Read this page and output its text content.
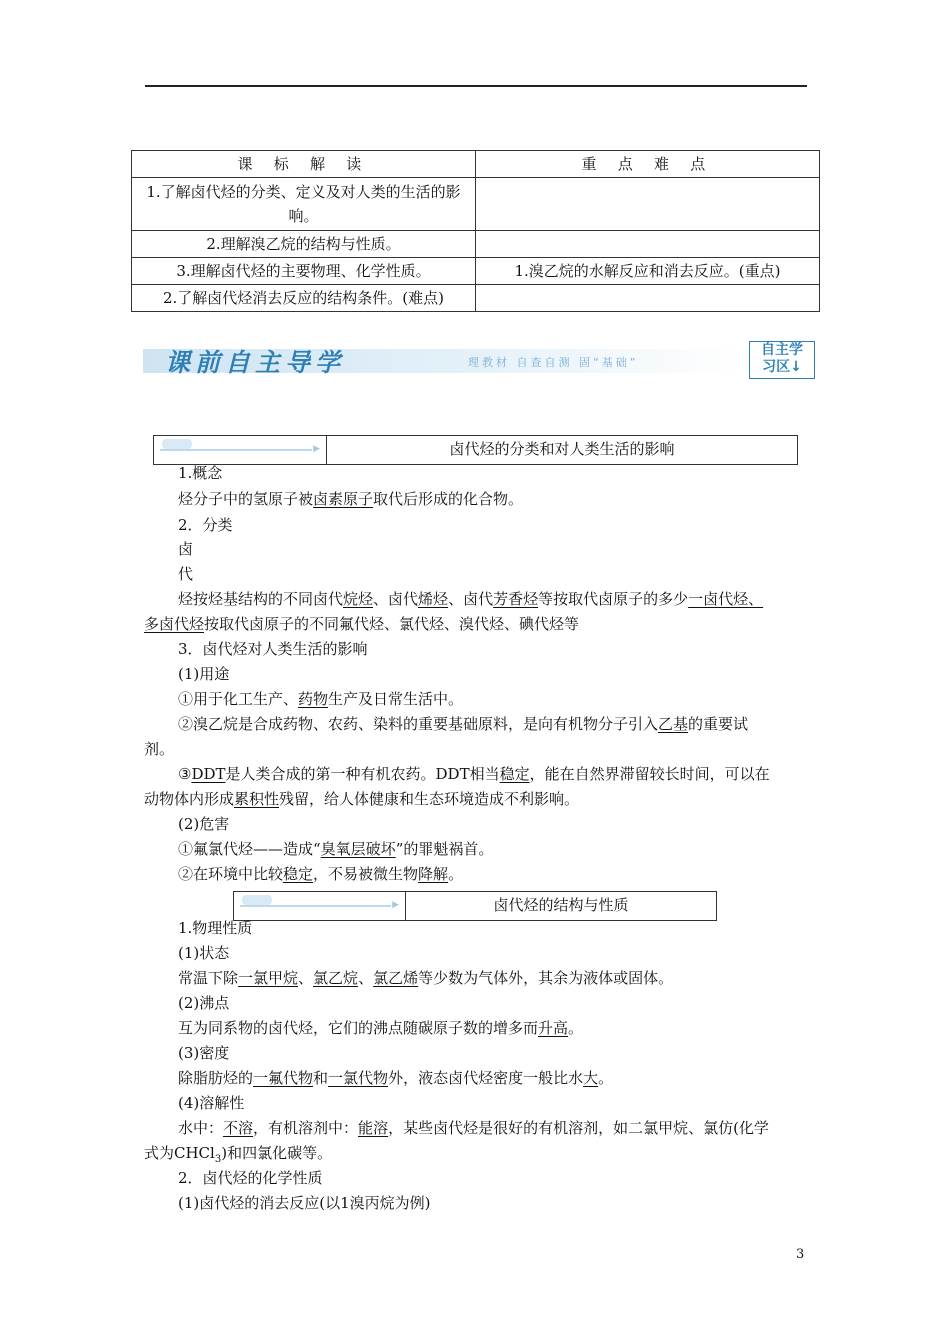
课 标 解 读	重 点 难 点
1.了解卤代烃的分类、定义及对人类的生活的影响。	
2.理解溴乙烷的结构与性质。	
3.理解卤代烃的主要物理、化学性质。	1.溴乙烷的水解反应和消去反应。(重点)
2.了解卤代烃消去反应的结构条件。(难点)	
课前自主导学	理教材 自查自测 固“基础”
自主学
习区↓
▶	卤代烃的分类和对人类生活的影响
1.概念
烃分子中的氢原子被卤素原子取代后形成的化合物。
2．分类
卤
代
烃按烃基结构的不同卤代烷烃、卤代烯烃、卤代芳香烃等按取代卤原子的多少一卤代烃、
多卤代烃按取代卤原子的不同氟代烃、氯代烃、溴代烃、碘代烃等
3．卤代烃对人类生活的影响
(1)用途
①用于化工生产、药物生产及日常生活中。
②溴乙烷是合成药物、农药、染料的重要基础原料，是向有机物分子引入乙基的重要试
剂。
③DDT是人类合成的第一种有机农药。DDT相当稳定，能在自然界滞留较长时间，可以在
动物体内形成累积性残留，给人体健康和生态环境造成不利影响。
(2)危害
①氟氯代烃——造成“臭氧层破坏”的罪魁祸首。
②在环境中比较稳定，不易被微生物降解。
▶	卤代烃的结构与性质
1.物理性质
(1)状态
常温下除一氯甲烷、氯乙烷、氯乙烯等少数为气体外，其余为液体或固体。
(2)沸点
互为同系物的卤代烃，它们的沸点随碳原子数的增多而升高。
(3)密度
除脂肪烃的一氟代物和一氯代物外，液态卤代烃密度一般比水大。
(4)溶解性
水中：不溶，有机溶剂中：能溶，某些卤代烃是很好的有机溶剂，如二氯甲烷、氯仿(化学
式为CHCl$_3$)和四氯化碳等。
2．卤代烃的化学性质
(1)卤代烃的消去反应(以1溴丙烷为例)
3
